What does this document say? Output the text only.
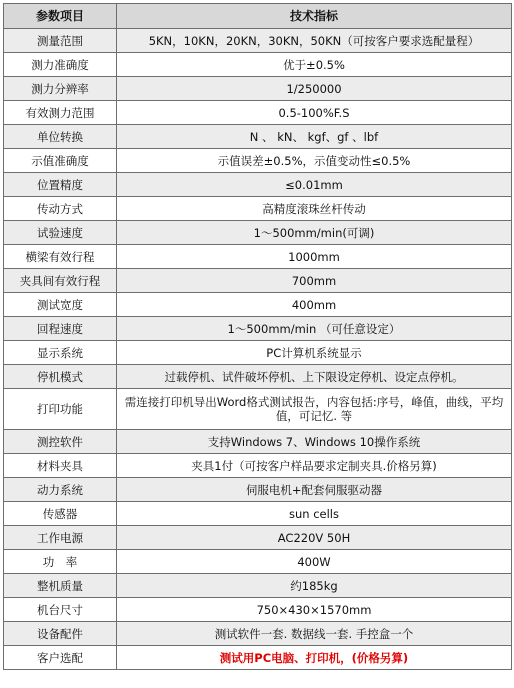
参数项目	技术指标
测量范围	5KN，10KN，20KN，30KN，50KN（可按客户要求选配量程）
测力准确度	优于±0.5%
测力分辨率	1/250000
有效测力范围	0.5-100%F.S
单位转换	N 、 kN、 kgf、gf 、lbf
示值准确度	示值误差±0.5%，示值变动性≤0.5%
位置精度	≤0.01mm
传动方式	高精度滚珠丝杆传动
试验速度	1～500mm/min(可调)
横梁有效行程	1000mm
夹具间有效行程	700mm
测试宽度	400mm
回程速度	1～500mm/min （可任意设定）
显示系统	PC计算机系统显示
停机模式	过载停机、试件破坏停机、上下限设定停机、设定点停机。
打印功能	需连接打印机导出Word格式测试报告，内容包括:序号，峰值，曲线，平均值，可记忆. 等
测控软件	支持Windows 7、Windows 10操作系统
材料夹具	夹具1付（可按客户样品要求定制夹具.价格另算)
动力系统	伺服电机+配套伺服驱动器
传感器	sun cells
工作电源	AC220V 50H
功　率	400W
整机质量	约185kg
机台尺寸	750×430×1570mm
设备配件	测试软件一套. 数据线一套. 手控盒一个
客户选配	测试用PC电脑、打印机，(价格另算)
